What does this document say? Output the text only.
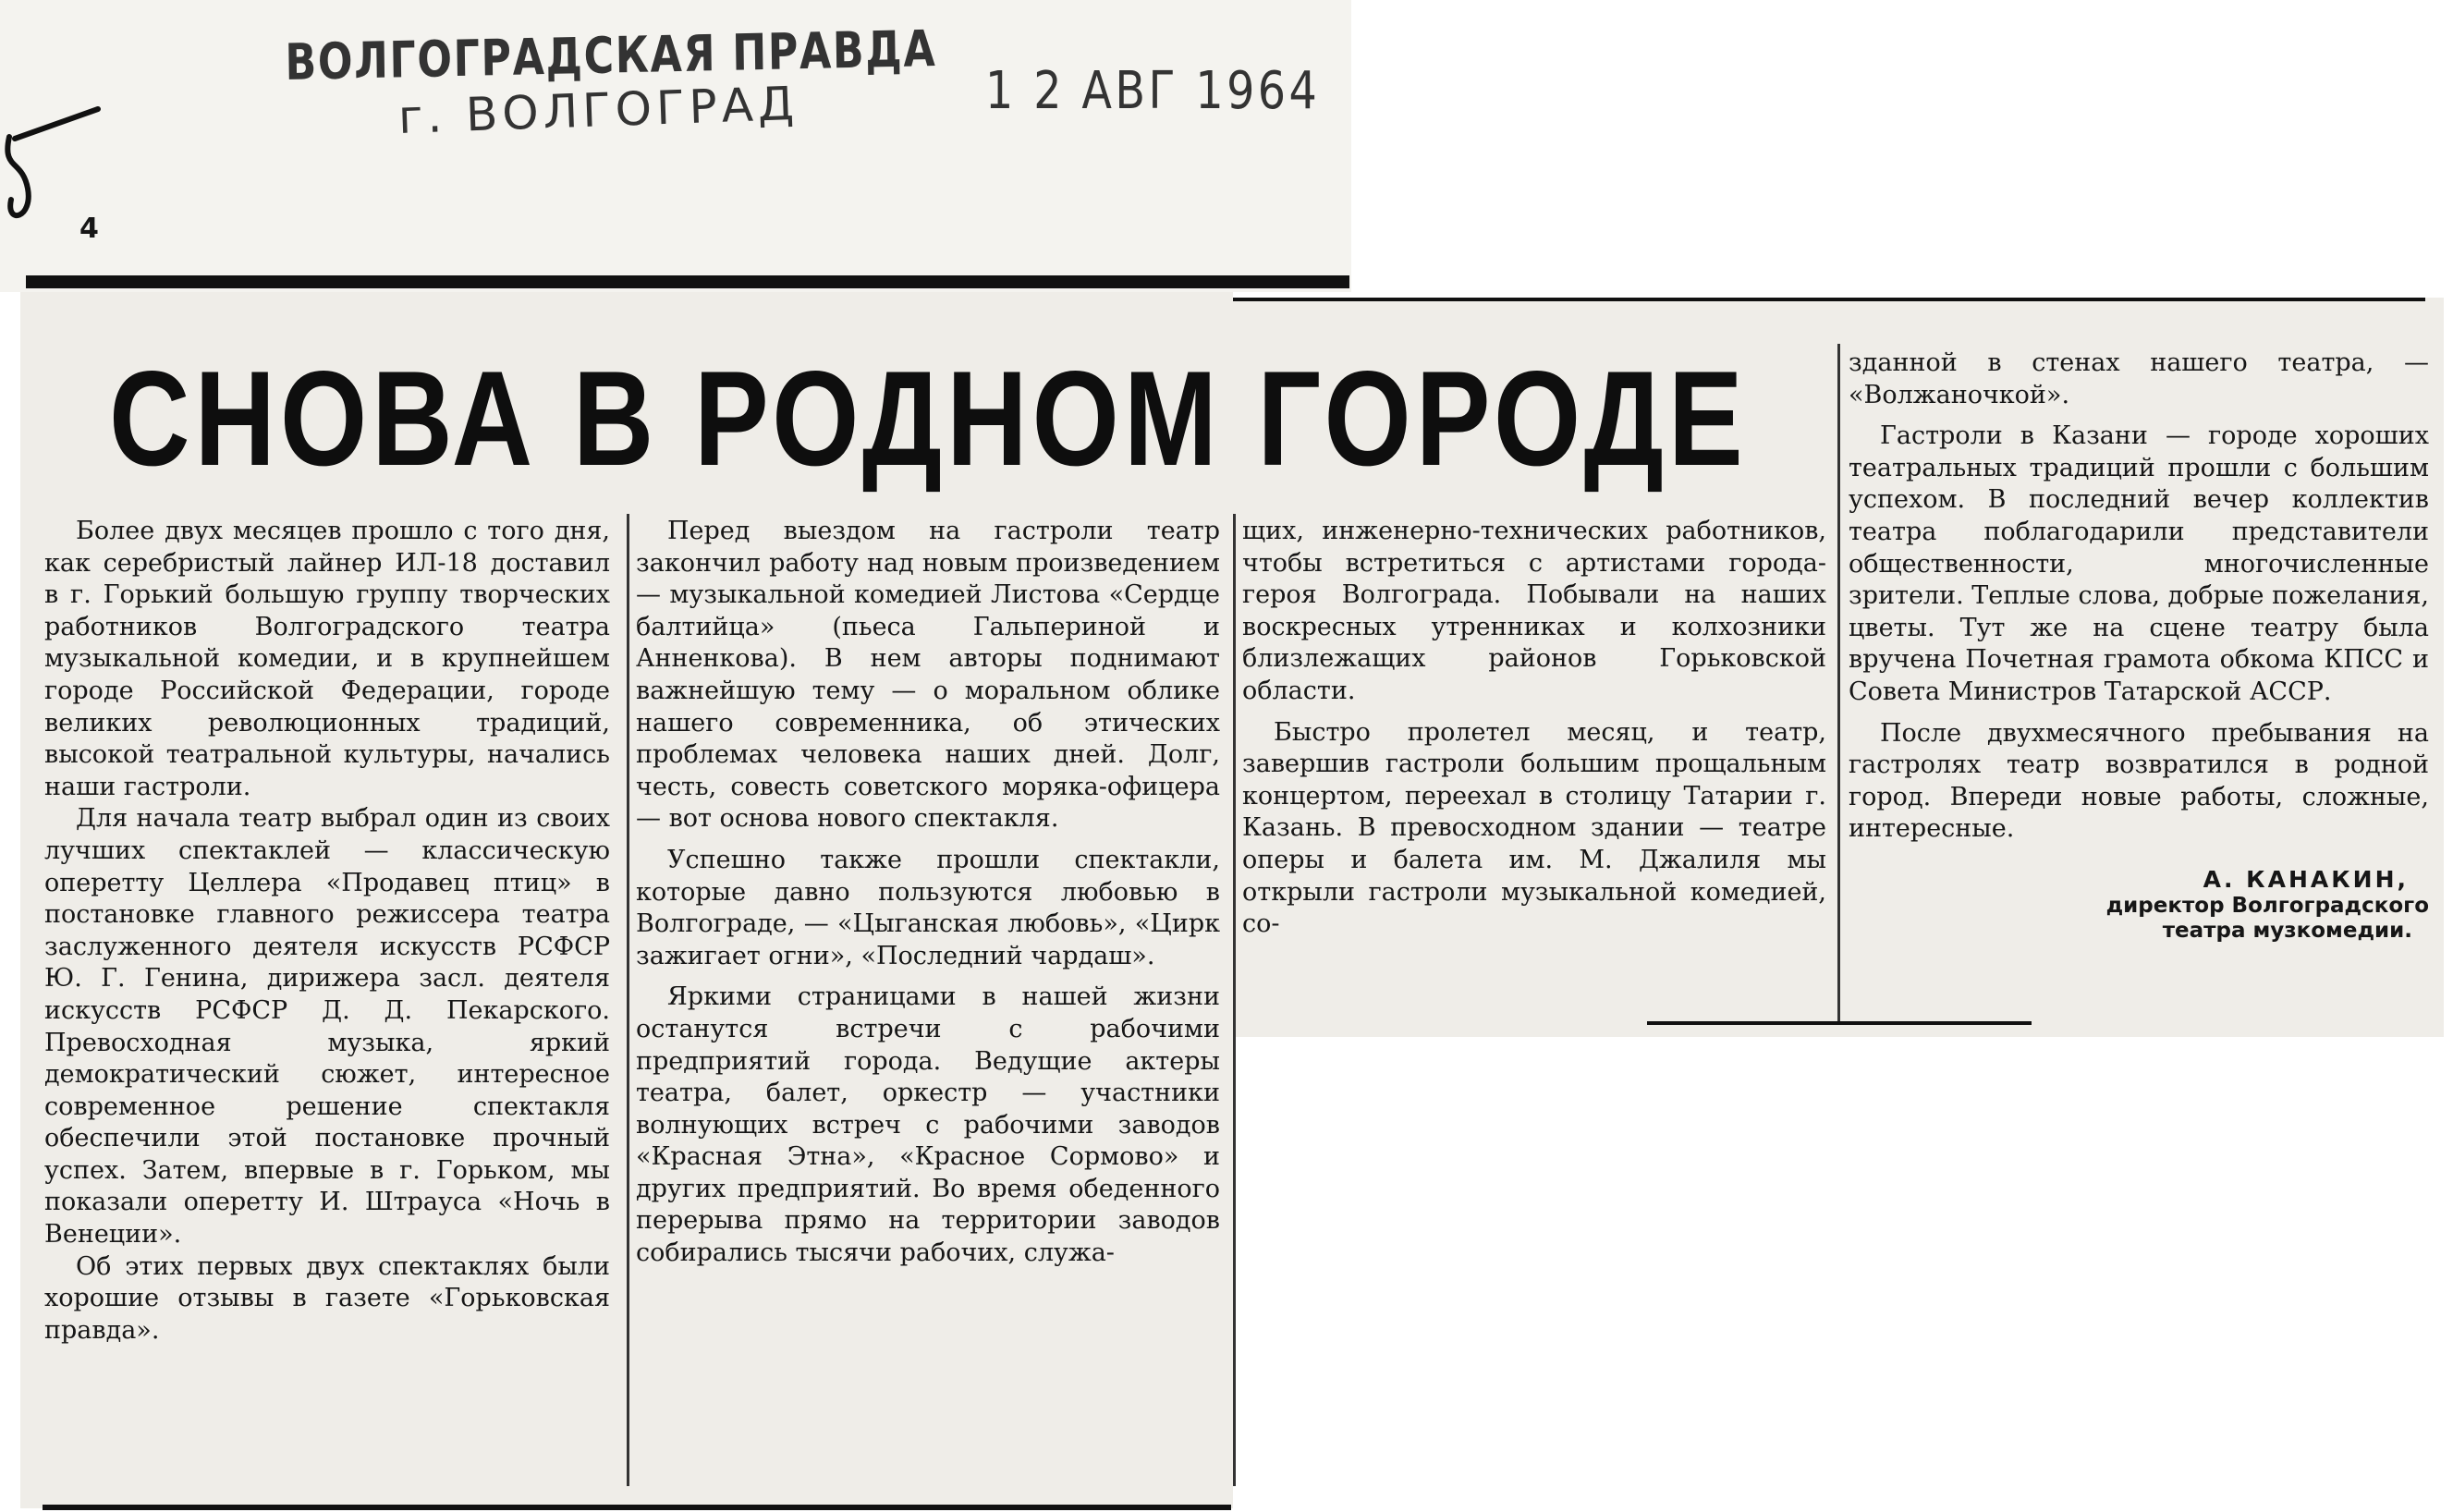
ВОЛГОГРАДСКАЯ ПРАВДА
г. ВОЛГОГРАД	1 2 АВГ 1964
4
СНОВА В РОДНОМ ГОРОДЕ

Более двух месяцев прошло с того дня, как серебристый лайнер ИЛ-18 доставил в г. Горький большую группу творческих работников Волгоградского театра музыкальной комедии, и в крупнейшем городе Российской Федерации, городе великих революционных традиций, высокой театральной культуры, начались наши гастроли.

Для начала театр выбрал один из своих лучших спектаклей — классическую оперетту Целлера «Продавец птиц» в постановке главного режиссера театра заслуженного деятеля искусств РСФСР Ю. Г. Генина, дирижера засл. деятеля искусств РСФСР Д. Д. Пекарского. Превосходная музыка, яркий демократический сюжет, интересное современное решение спектакля обеспечили этой постановке прочный успех. Затем, впервые в г. Горьком, мы показали оперетту И. Штрауса «Ночь в Венеции».

Об этих первых двух спектаклях были хорошие отзывы в газете «Горьковская правда».

Перед выездом на гастроли театр закончил работу над новым произведением — музыкальной комедией Листова «Сердце балтийца» (пьеса Гальпериной и Анненкова). В нем авторы поднимают важнейшую тему — о моральном облике нашего современника, об этических проблемах человека наших дней. Долг, честь, совесть советского моряка-офицера — вот основа нового спектакля.

Успешно также прошли спектакли, которые давно пользуются любовью в Волгограде, — «Цыганская любовь», «Цирк зажигает огни», «Последний чардаш».

Яркими страницами в нашей жизни останутся встречи с рабочими предприятий города. Ведущие актеры театра, балет, оркестр — участники волнующих встреч с рабочими заводов «Красная Этна», «Красное Сормово» и других предприятий. Во время обеденного перерыва прямо на территории заводов собирались тысячи рабочих, служа-

щих, инженерно-технических работников, чтобы встретиться с артистами города-героя Волгограда. Побывали на наших воскресных утренниках и колхозники близлежащих районов Горьковской области.

Быстро пролетел месяц, и театр, завершив гастроли большим прощальным концертом, переехал в столицу Татарии г. Казань. В превосходном здании — театре оперы и балета им. М. Джалиля мы открыли гастроли музыкальной комедией, со-

зданной в стенах нашего театра, — «Волжаночкой».

Гастроли в Казани — городе хороших театральных традиций прошли с большим успехом. В последний вечер коллектив театра поблагодарили представители общественности, многочисленные зрители. Теплые слова, добрые пожелания, цветы. Тут же на сцене театру была вручена Почетная грамота обкома КПСС и Совета Министров Татарской АССР.

После двухмесячного пребывания на гастролях театр возвратился в родной город. Впереди новые работы, сложные, интересные.

А. КАНАКИН,
директор Волгоградского
театра музкомедии.
